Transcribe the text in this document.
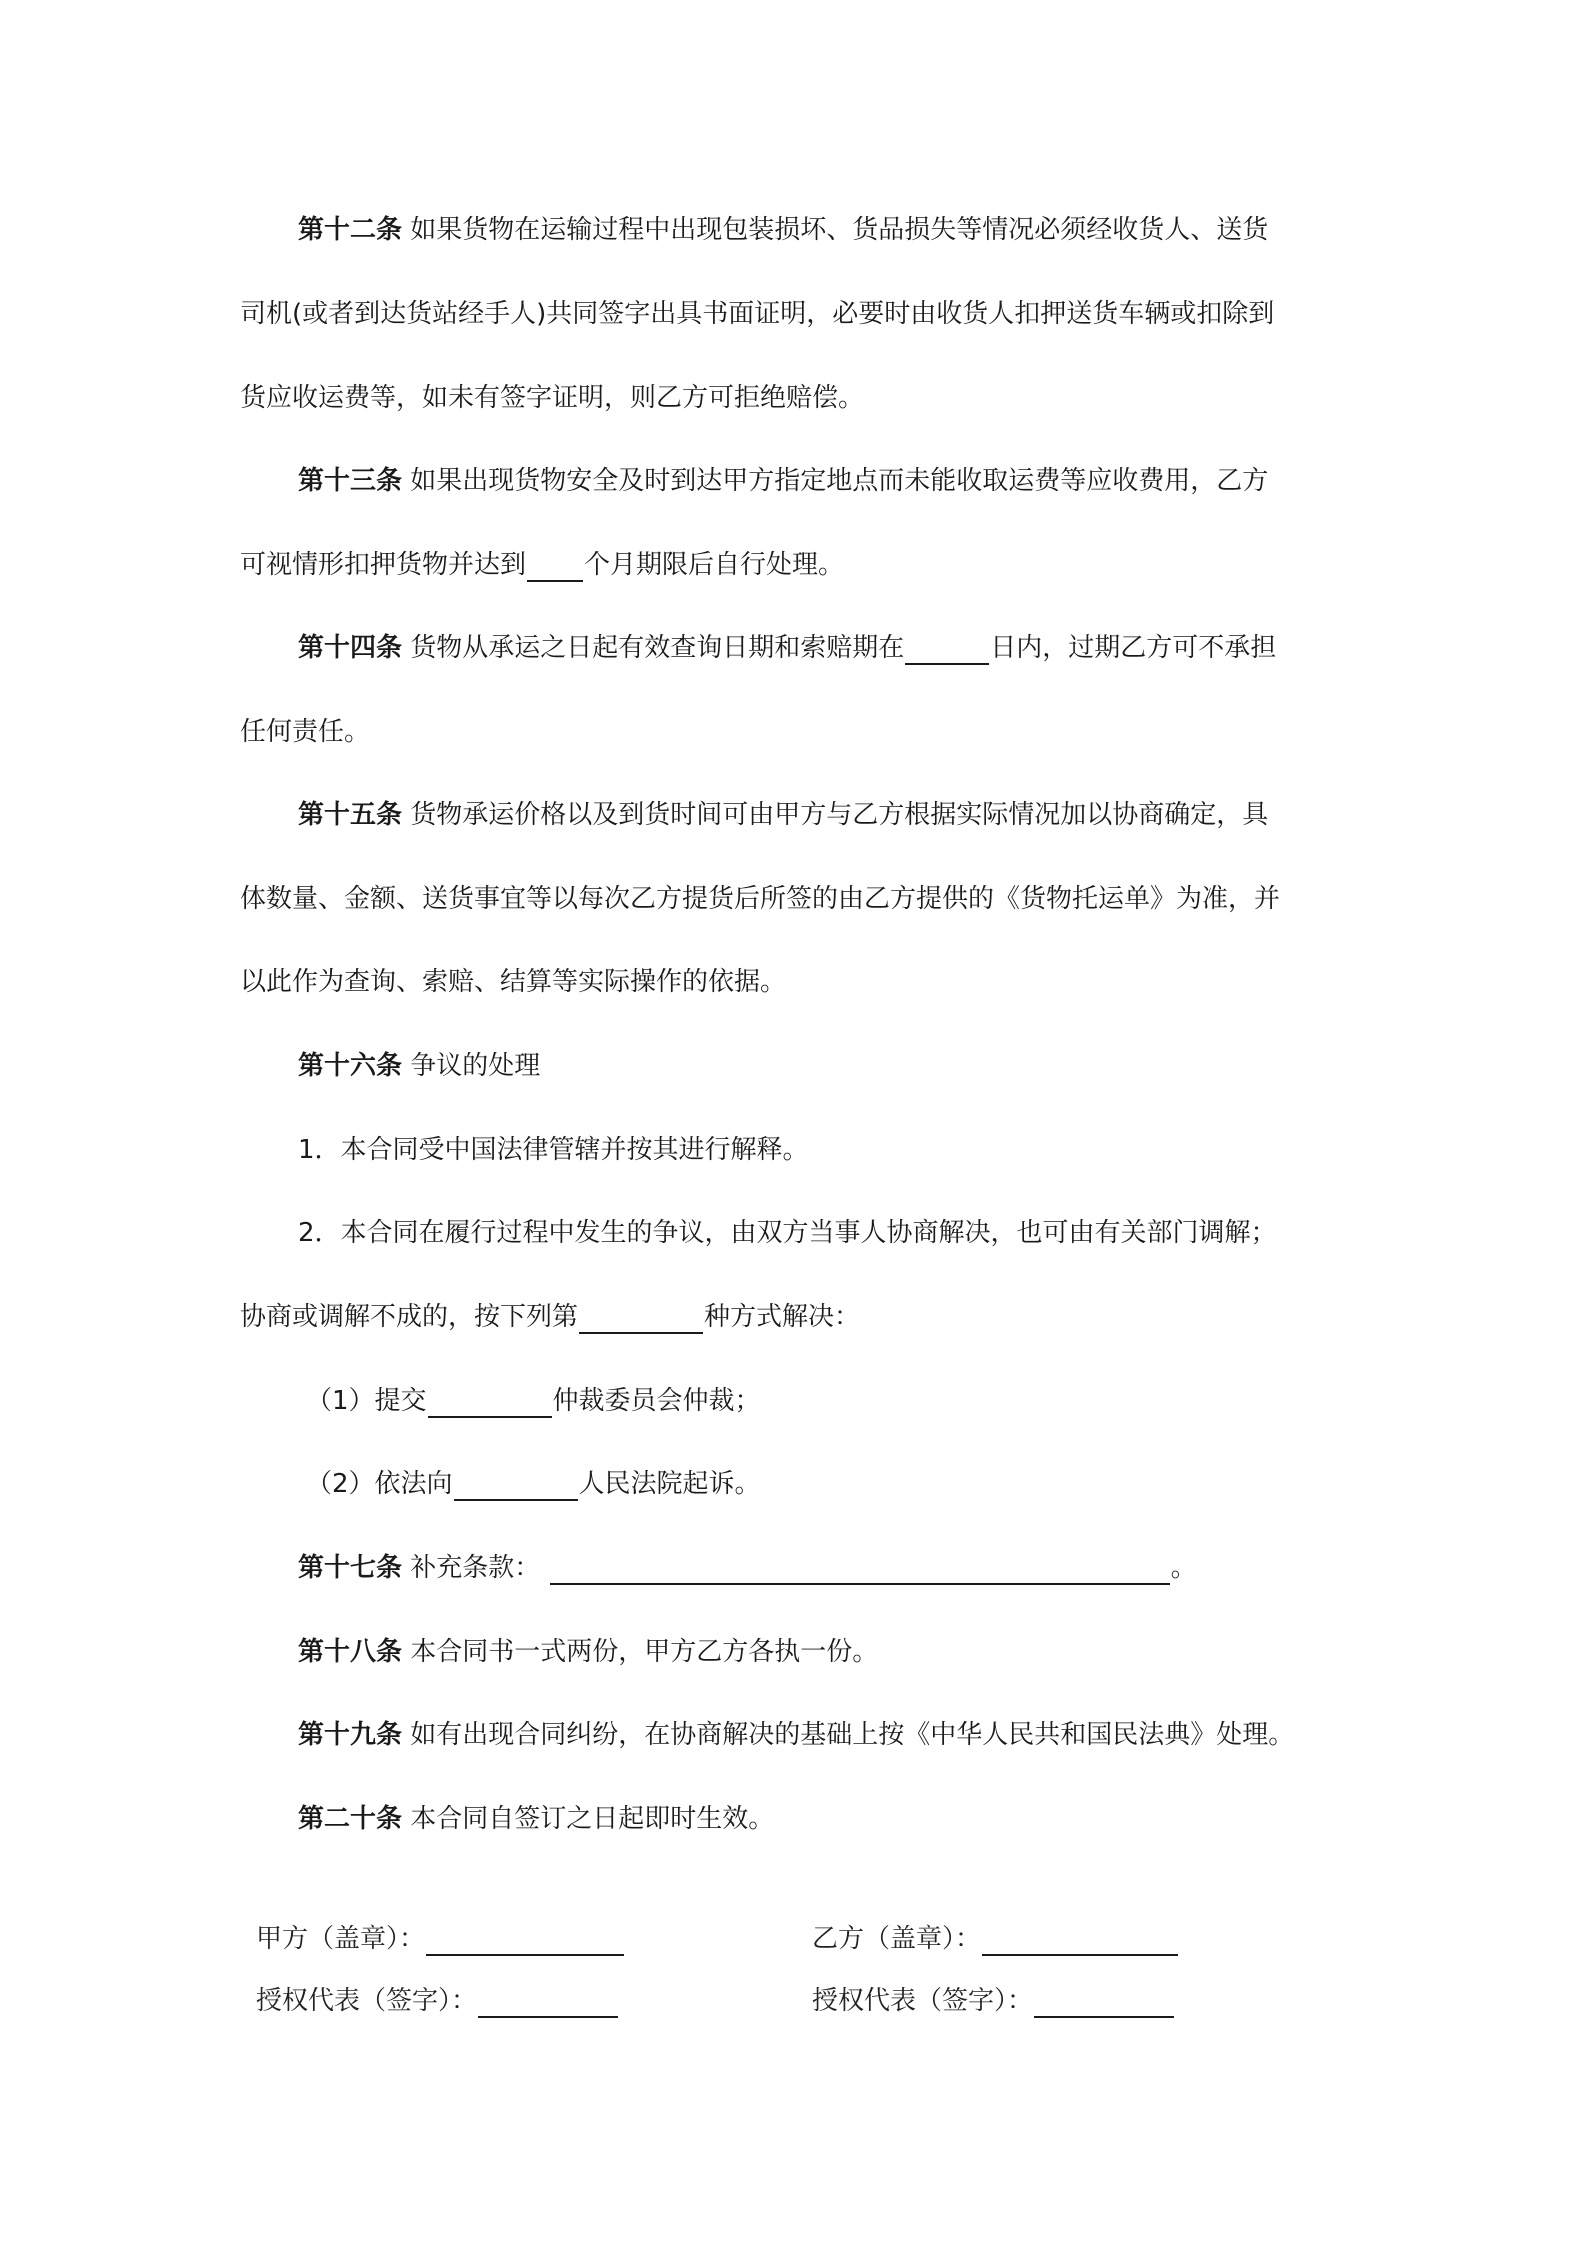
第十二条 如果货物在运输过程中出现包装损坏、货品损失等情况必须经收货人、送货
司机(或者到达货站经手人)共同签字出具书面证明，必要时由收货人扣押送货车辆或扣除到
货应收运费等，如未有签字证明，则乙方可拒绝赔偿。
第十三条 如果出现货物安全及时到达甲方指定地点而未能收取运费等应收费用，乙方
可视情形扣押货物并达到 个月期限后自行处理。
第十四条 货物从承运之日起有效查询日期和索赔期在	日内，过期乙方可不承担
任何责任。
第十五条 货物承运价格以及到货时间可由甲方与乙方根据实际情况加以协商确定，具
体数量、金额、送货事宜等以每次乙方提货后所签的由乙方提供的《货物托运单》为准，并
以此作为查询、索赔、结算等实际操作的依据。
第十六条 争议的处理
1．本合同受中国法律管辖并按其进行解释。
2．本合同在履行过程中发生的争议，由双方当事人协商解决，也可由有关部门调解；
协商或调解不成的，按下列第	种方式解决：
（1）提交	仲裁委员会仲裁；
（2）依法向	人民法院起诉。
第十七条 补充条款：	。
第十八条 本合同书一式两份，甲方乙方各执一份。
第十九条 如有出现合同纠纷，在协商解决的基础上按《中华人民共和国民法典》处理。
第二十条 本合同自签订之日起即时生效。
甲方（盖章）：	乙方（盖章）：
授权代表（签字）：	授权代表（签字）：
